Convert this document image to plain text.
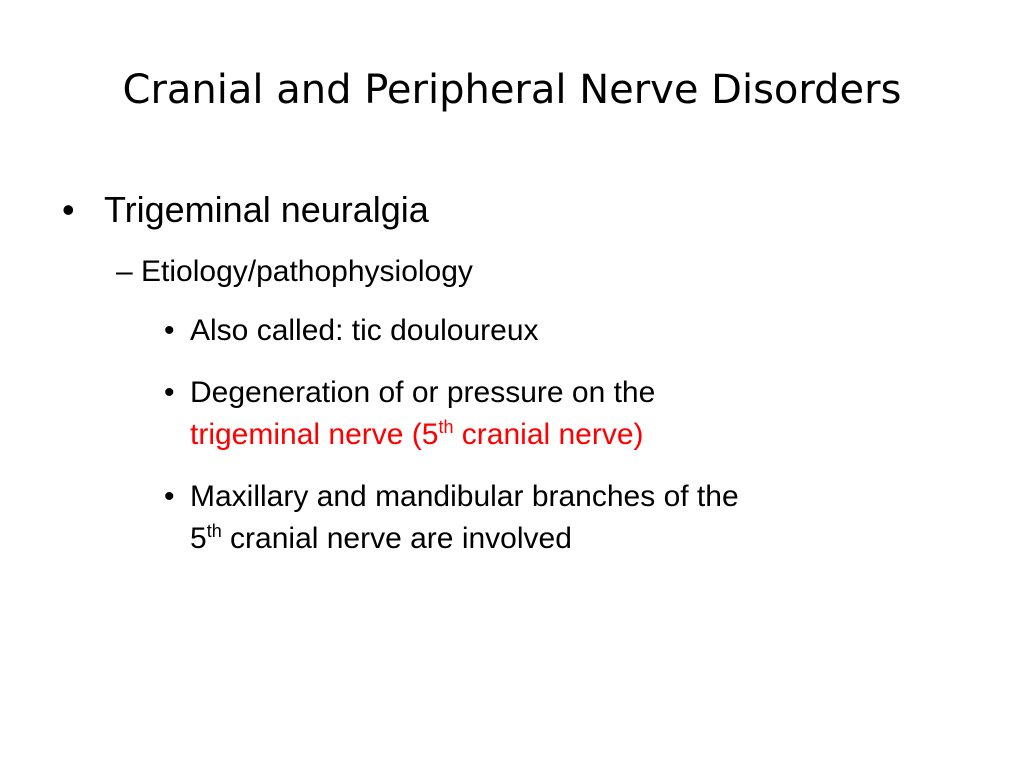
Cranial and Peripheral Nerve Disorders
• Trigeminal neuralgia
– Etiology/pathophysiology
• Also called: tic douloureux
• Degeneration of or pressure on the
trigeminal nerve (5th cranial nerve)
• Maxillary and mandibular branches of the
5th cranial nerve are involved
